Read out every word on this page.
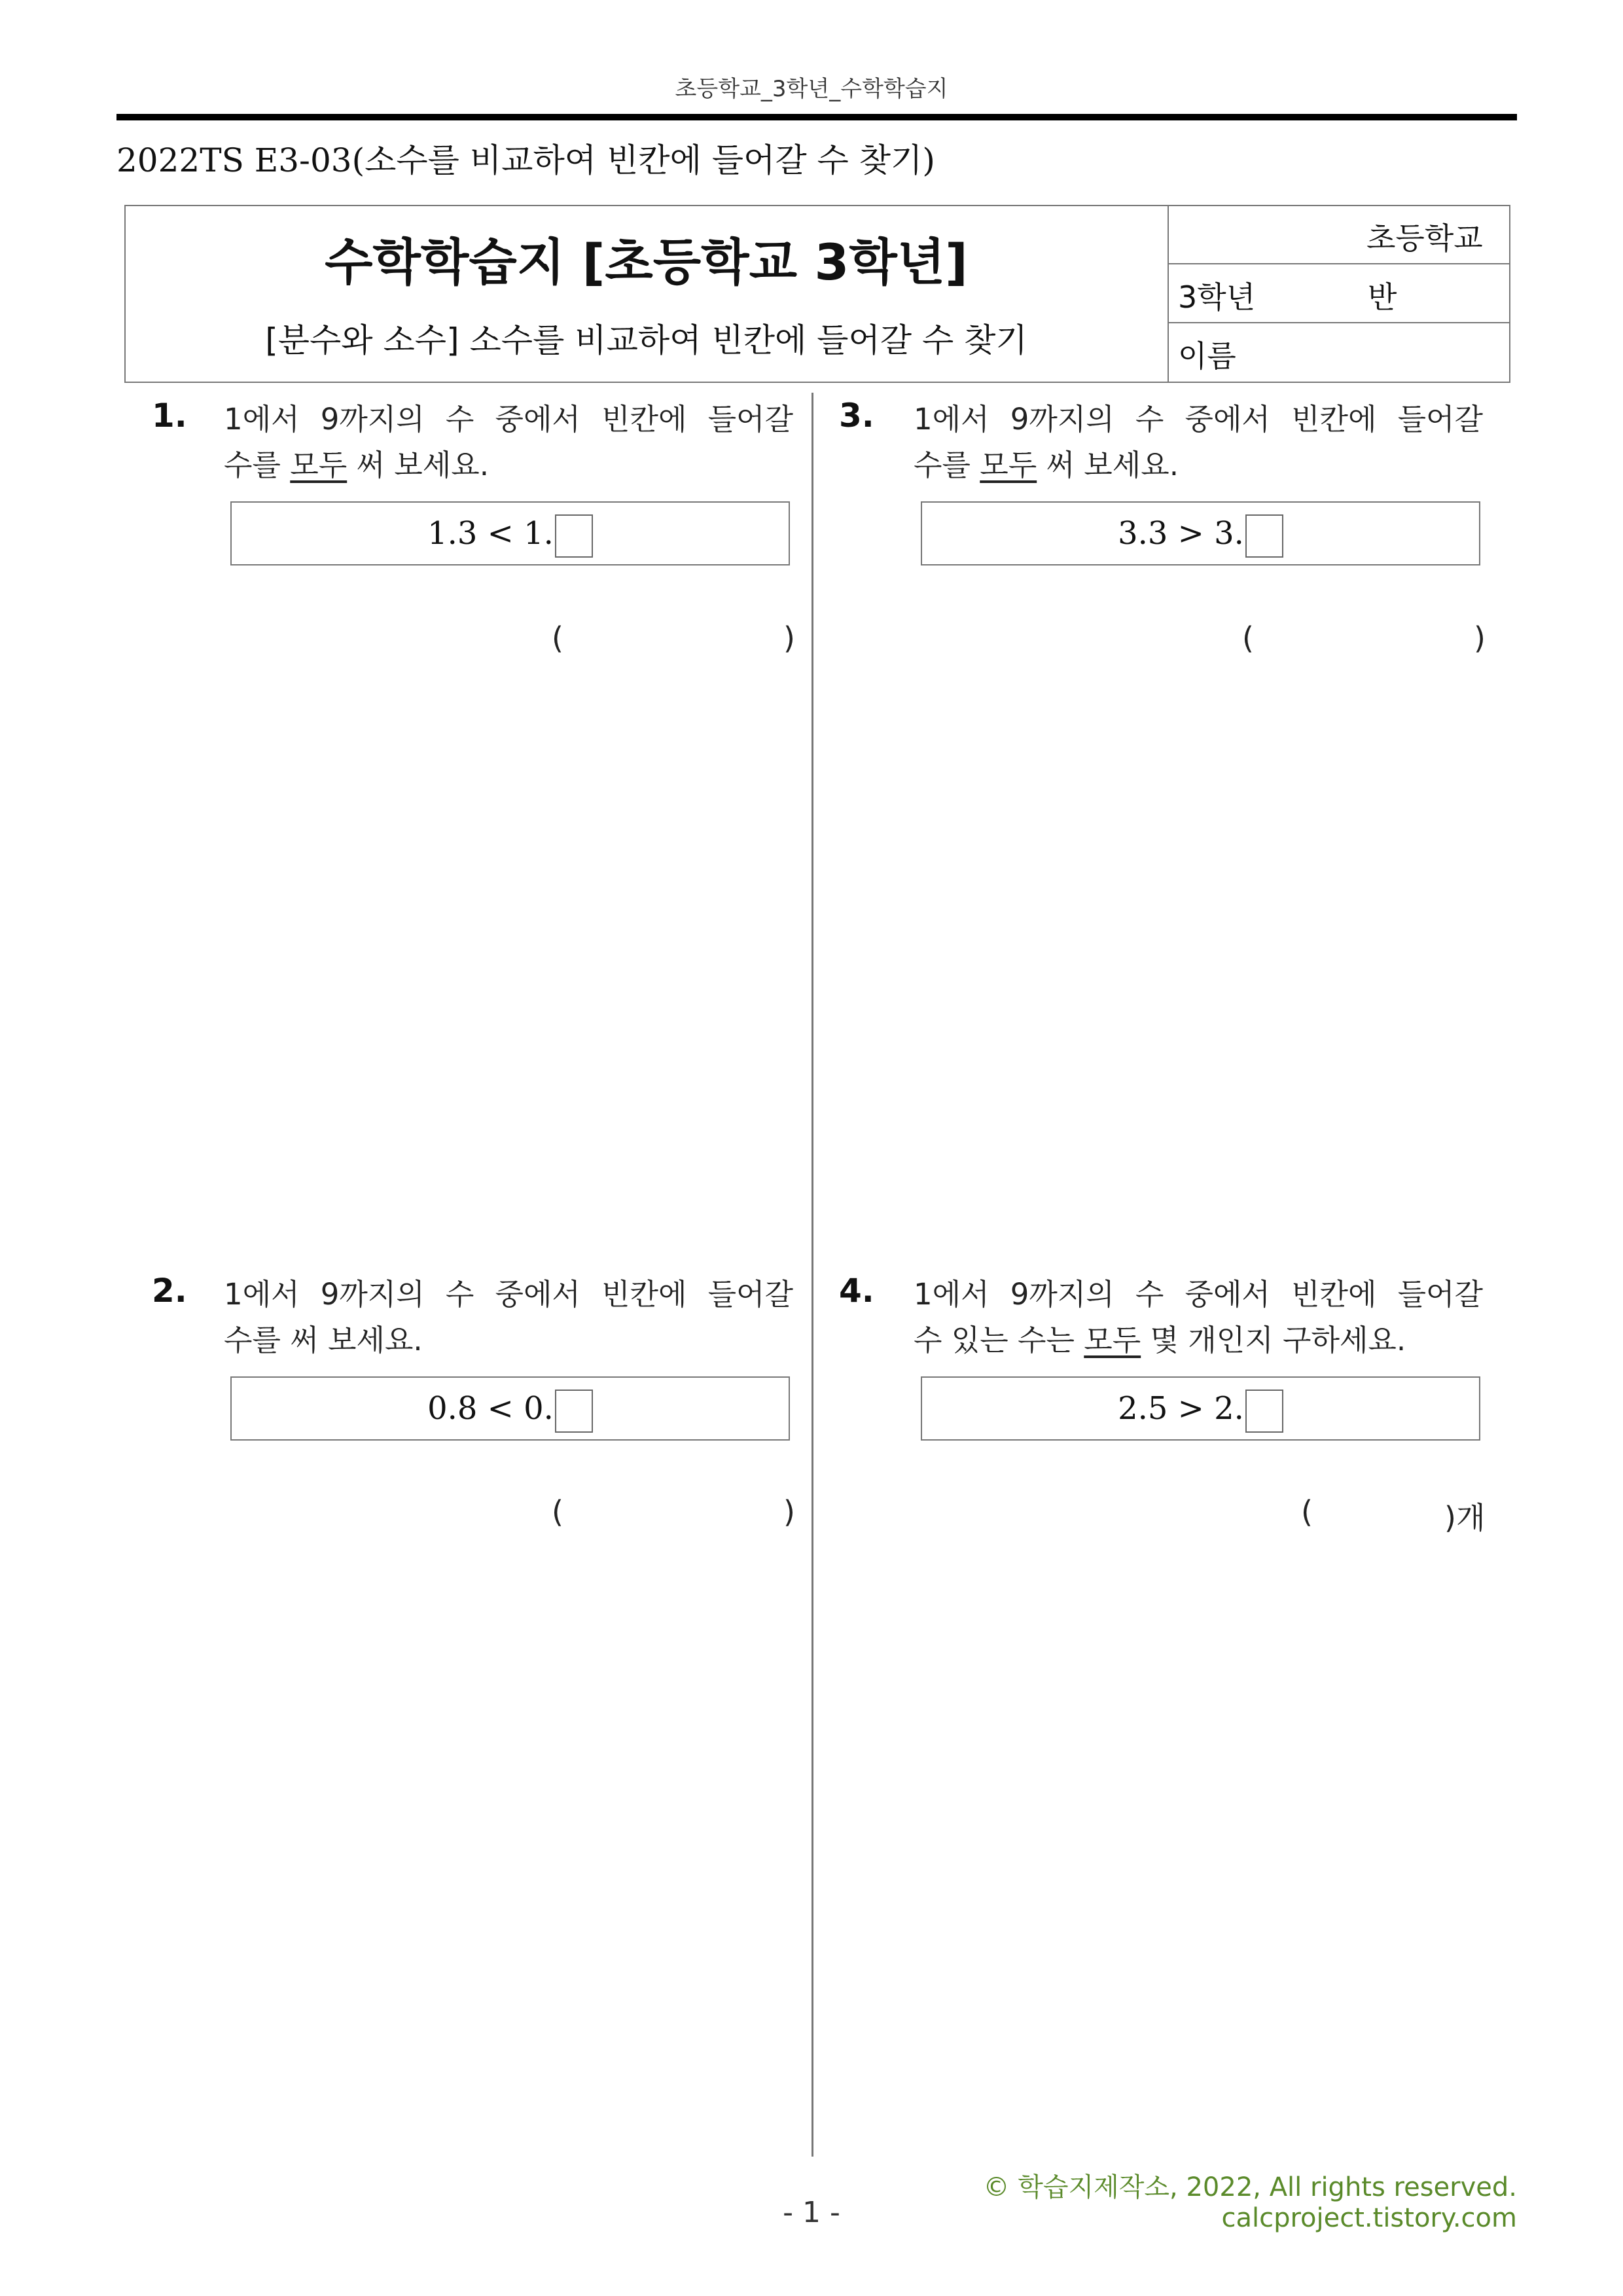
초등학교_3학년_수학학습지
2022TS E3-03(소수를 비교하여 빈칸에 들어갈 수 찾기)
수학학습지 [초등학교 3학년]
[분수와 소수] 소수를 비교하여 빈칸에 들어갈 수 찾기
초등학교
3학년	반
이름
1. 1에서 9까지의 수 중에서 빈칸에 들어갈
수를 모두 써 보세요.
1.3 < 1.
(	)
2. 1에서 9까지의 수 중에서 빈칸에 들어갈
수를 써 보세요.
0.8 < 0.
(	)
3. 1에서 9까지의 수 중에서 빈칸에 들어갈
수를 모두 써 보세요.
3.3 > 3.
(	)
4. 1에서 9까지의 수 중에서 빈칸에 들어갈
수 있는 수는 모두 몇 개인지 구하세요.
2.5 > 2.
(	)개
- 1 -
© 학습지제작소, 2022, All rights reserved.
calcproject.tistory.com
